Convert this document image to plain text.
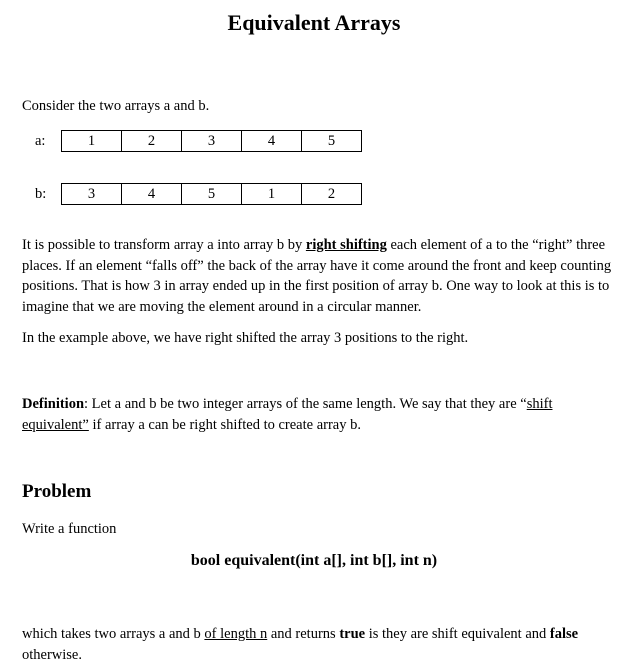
Equivalent Arrays
Consider the two arrays a and b.
a:	1	2	3	4	5
b:	3	4	5	1	2
It is possible to transform array a into array b by right shifting each element of a to the “right” three places. If an element “falls off” the back of the array have it come around the front and keep counting positions. That is how 3 in array ended up in the first position of array b. One way to look at this is to imagine that we are moving the element around in a circular manner.
In the example above, we have right shifted the array 3 positions to the right.
Definition: Let a and b be two integer arrays of the same length. We say that they are “shift equivalent” if array a can be right shifted to create array b.
Problem
Write a function
bool equivalent(int a[], int b[], int n)
which takes two arrays a and b of length n and returns true is they are shift equivalent and false otherwise.
